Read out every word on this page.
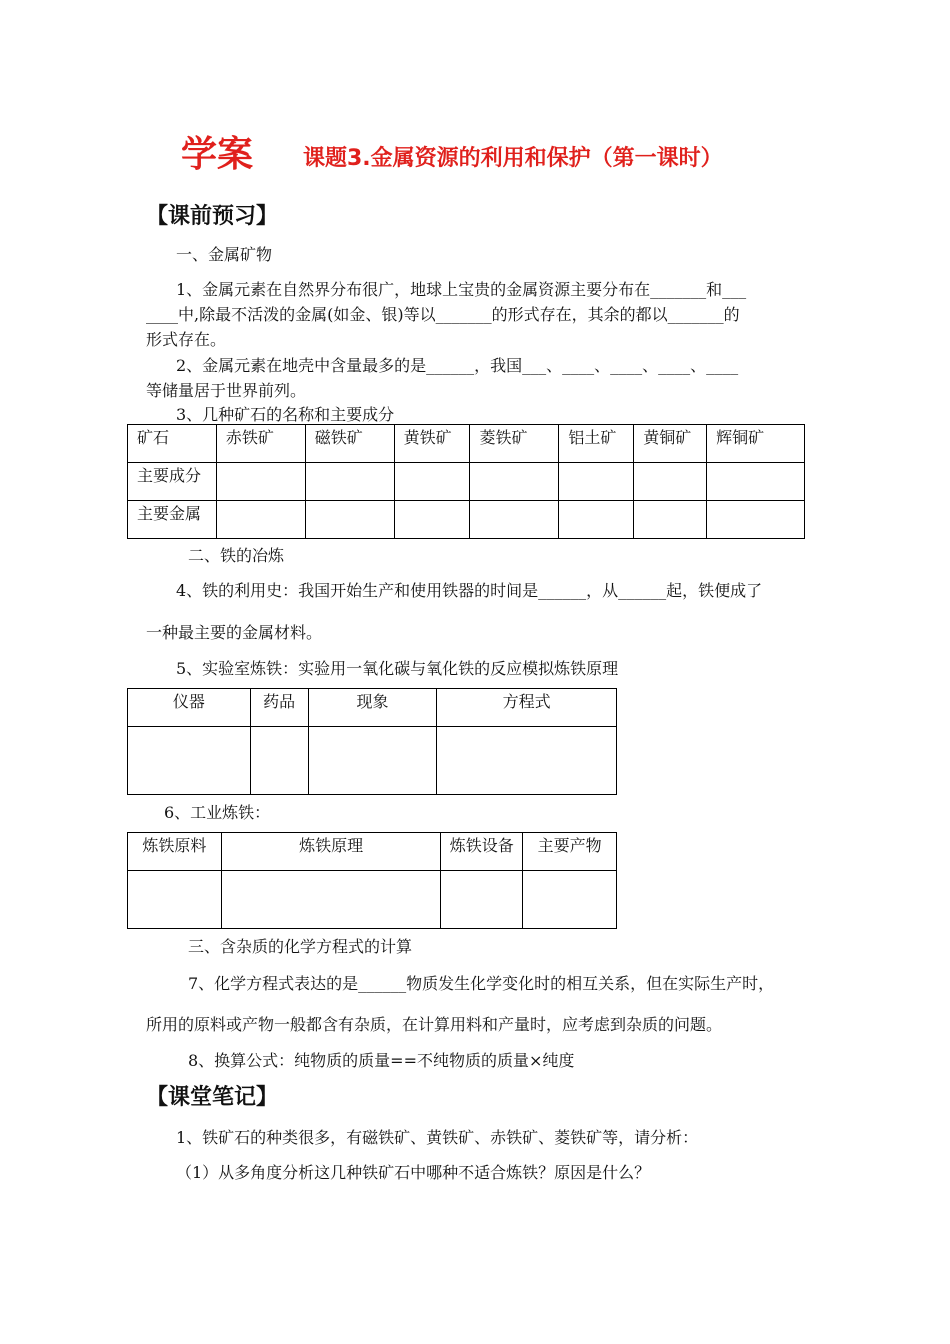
学案 课题3.金属资源的利用和保护（第一课时）
【课前预习】
一、金属矿物
1、金属元素在自然界分布很广，地球上宝贵的金属资源主要分布在_______和___
____中,除最不活泼的金属(如金、银)等以_______的形式存在，其余的都以_______的
形式存在。
2、金属元素在地壳中含量最多的是______，我国___、____、____、____、____
等储量居于世界前列。
3、几种矿石的名称和主要成分
矿石	赤铁矿	磁铁矿	黄铁矿	菱铁矿	铝土矿	黄铜矿	辉铜矿
主要成分							
主要金属							
二、铁的冶炼
4、铁的利用史：我国开始生产和使用铁器的时间是______，从______起，铁便成了
一种最主要的金属材料。
5、实验室炼铁：实验用一氧化碳与氧化铁的反应模拟炼铁原理
仪器	药品	现象	方程式

6、工业炼铁：
炼铁原料	炼铁原理	炼铁设备	主要产物

三、含杂质的化学方程式的计算
7、化学方程式表达的是______物质发生化学变化时的相互关系，但在实际生产时，
所用的原料或产物一般都含有杂质，在计算用料和产量时，应考虑到杂质的问题。
8、换算公式：纯物质的质量==不纯物质的质量×纯度
【课堂笔记】
1、铁矿石的种类很多，有磁铁矿、黄铁矿、赤铁矿、菱铁矿等，请分析：
（1）从多角度分析这几种铁矿石中哪种不适合炼铁？原因是什么？
